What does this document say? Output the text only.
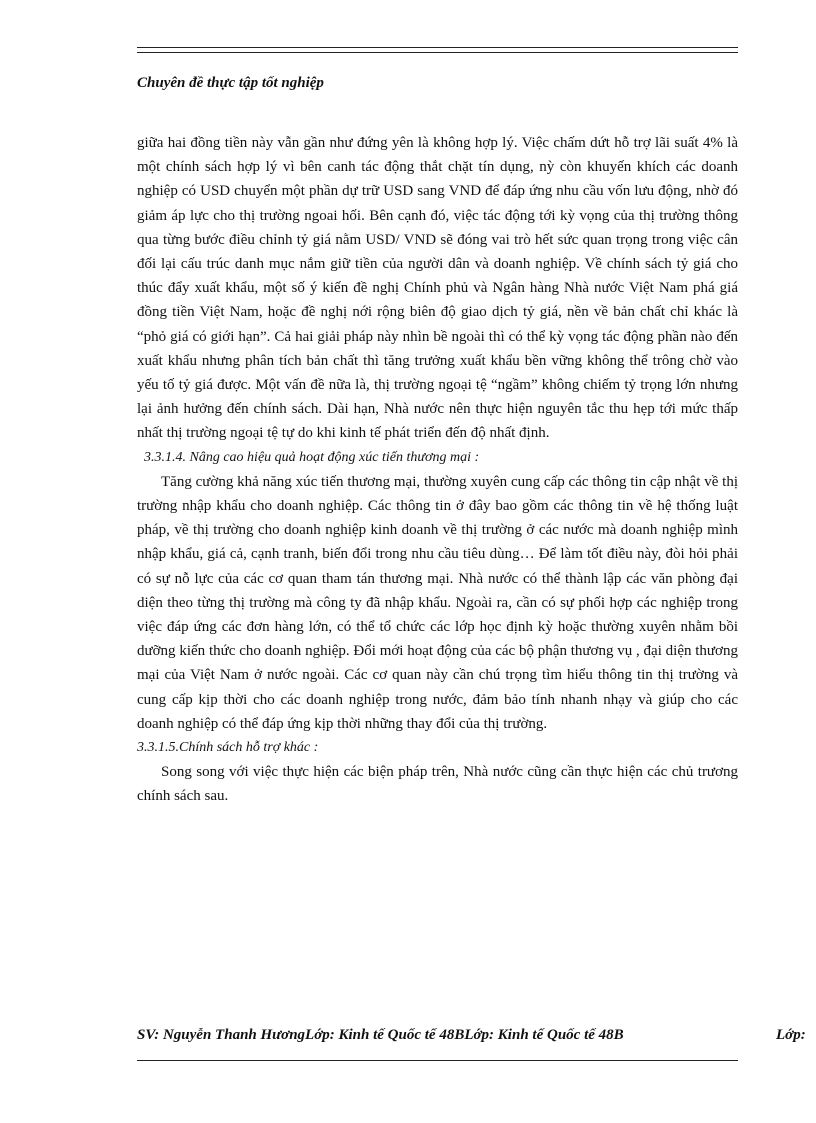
Chuyên đề thực tập tốt nghiệp

giữa hai đồng tiền này vẫn gần như đứng yên là không hợp lý. Việc chấm dứt hỗ trợ lãi suất 4% là một chính sách hợp lý vì bên canh tác động thắt chặt tín dụng, nỳ còn khuyến khích các doanh nghiệp có USD chuyển một phần dự trữ USD sang VND để đáp ứng nhu cầu vốn lưu động, nhờ đó giảm áp lực cho thị trường ngoai hối. Bên cạnh đó, việc tác động tới kỳ vọng của thị trường thông qua từng bước điều chỉnh tỷ giá nằm USD/ VND sẽ đóng vai trò hết sức quan trọng trong việc cân đối lại cấu trúc danh mục nắm giữ tiền của người dân và doanh nghiệp. Về chính sách tỷ giá cho thúc đẩy xuất khẩu, một số ý kiến đề nghị Chính phủ và Ngân hàng Nhà nước Việt Nam phá giá đồng tiền Việt Nam, hoặc đề nghị nới rộng biên độ giao dịch tỷ giá, nền về bản chất chỉ khác là “phỏ giá có giới hạn”. Cả hai giải pháp này nhìn bề ngoài thì có thể kỳ vọng tác động phần nào đến xuất khẩu nhưng phân tích bản chất thì tăng trưởng xuất khẩu bền vững không thể trông chờ vào yếu tố tỷ giá được. Một vấn đề nữa là, thị trường ngoại tệ “ngầm” không chiếm tỷ trọng lớn nhưng lại ảnh hưởng đến chính sách. Dài hạn, Nhà nước nên thực hiện nguyên tắc thu hẹp tới mức thấp nhất thị trường ngoại tệ tự do khi kinh tế phát triển đến độ nhất định.

3.3.1.4. Nâng cao hiệu quả hoạt động xúc tiến thương mại :

Tăng cường khả năng xúc tiến thương mại, thường xuyên cung cấp các thông tin cập nhật về thị trường nhập khẩu cho doanh nghiệp. Các thông tin ở đây bao gồm các thông tin về hệ thống luật pháp, về thị trường cho doanh nghiệp kinh doanh về thị trường ở các nước mà doanh nghiệp mình nhập khẩu, giá cả, cạnh tranh, biến đổi trong nhu cầu tiêu dùng… Để làm tốt điều này, đòi hỏi phải có sự nỗ lực của các cơ quan tham tán thương mại. Nhà nước có thể thành lập các văn phòng đại diện theo từng thị trường mà công ty đã nhập khẩu. Ngoài ra, cần có sự phối hợp các nghiệp trong việc đáp ứng các đơn hàng lớn, có thể tổ chức các lớp học định kỳ hoặc thường xuyên nhằm bồi dưỡng kiến thức cho doanh nghiệp. Đổi mới hoạt động của các bộ phận thương vụ , đại diện thương mại của Việt Nam ở nước ngoài. Các cơ quan này cần chú trọng tìm hiểu thông tin thị trường và cung cấp kịp thời cho các doanh nghiệp trong nước, đảm bảo tính nhanh nhạy và giúp cho các doanh nghiệp có thể đáp ứng kịp thời những thay đổi của thị trường.

3.3.1.5.Chính sách hỗ trợ khác :

Song song với việc thực hiện các biện pháp trên, Nhà nước cũng cần thực hiện các chủ trương chính sách sau.

SV: Nguyễn Thanh HươngLớp: Kinh tế Quốc tế 48BLớp: Kinh tế Quốc tế 48B	Lớp:
